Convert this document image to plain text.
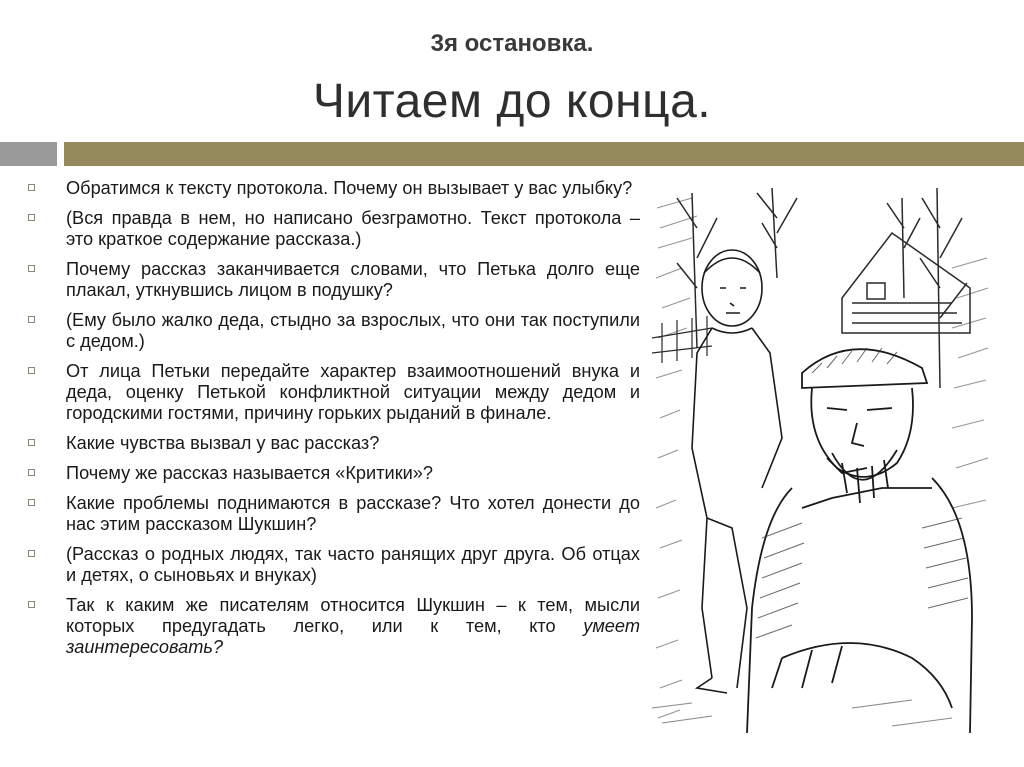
3я остановка.
Читаем до конца.
Обратимся к тексту протокола. Почему он вызывает у вас улыбку?
(Вся правда в нем, но написано безграмотно. Текст протокола – это краткое содержание рассказа.)
Почему рассказ заканчивается словами, что Петька долго еще плакал, уткнувшись лицом в подушку?
(Ему было жалко деда, стыдно за взрослых, что они так поступили с дедом.)
От лица Петьки передайте характер взаимоотношений внука и деда, оценку Петькой конфликтной ситуации между дедом и городскими гостями, причину горьких рыданий в финале.
Какие чувства вызвал у вас рассказ?
Почему же рассказ называется «Критики»?
Какие проблемы поднимаются в рассказе? Что хотел донести до нас этим рассказом Шукшин?
(Рассказ о родных людях, так часто ранящих друг друга. Об отцах и детях, о сыновьях и внуках)
Так к каким же писателям относится Шукшин – к тем, мысли которых предугадать легко, или к тем, кто умеет заинтересовать?
